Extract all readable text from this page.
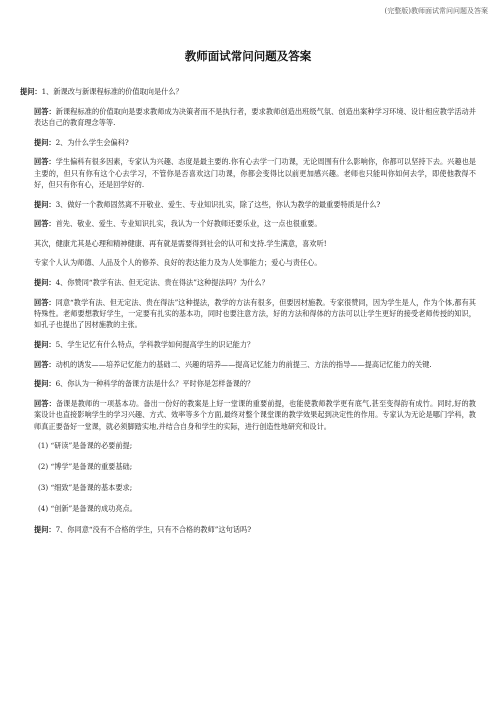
(完整版)教师面试常问问题及答案
教师面试常问问题及答案

提问：1、新课改与新课程标准的价值取向是什么？

回答：新课程标准的价值取向是要求教师成为决策者而不是执行者，要求教师创造出班级气氛、创造出案种学习环境、设计相应教学活动并表达自己的教育理念等等.

提问：2、为什么学生会偏科?

回答：学生偏科有很多因素，专家认为兴趣、态度是最主要的.你有心去学一门功课，无论周围有什么影响你，你都可以坚持下去。兴趣也是主要的，但只有你有这个心去学习，不管你是否喜欢这门功课，你都会变得比以前更加感兴趣。老师也只能叫你如何去学，即使他教得不好，但只有你有心，还是回学好的.

提问：3、做好一个教师固然离不开敬业、爱生、专业知识扎实，除了这些，你认为教学的最重要特质是什么?

回答：首先、敬业、爱生、专业知识扎实，我认为一个好教师还要乐业，这一点也很重要。

其次，健康尤其是心理和精神健康、再有就是需要得到社会的认可和支持.学生满意，喜欢听!

专家个人认为师德、人品及个人的修养、良好的表达能力及为人处事能力；爱心与责任心。

提问：4、你赞同“教学有法、但无定法、贵在得法”这种提法吗？为什么？

回答：同意“教学有法、但无定法、贵在得法”这种提法，教学的方法有很多，但要因材施教。专家很赞同，因为学生是人，作为个体,都有其特殊性。老师要想教好学生，一定要有扎实的基本功，同时也要注意方法，好的方法和得体的方法可以让学生更好的接受老师传授的知识，如孔子也提出了因材施教的主张。

提问：5、学生记忆有什么特点，学科教学如何提高学生的识记能力？

回答：动机的诱发——培养记忆能力的基础二、兴趣的培养——提高记忆能力的前提三、方法的指导——提高记忆能力的关键.

提问：6、你认为一种科学的备课方法是什么？平时你是怎样备课的？

回答：备课是教师的一项基本功。备出一份好的教案是上好一堂课的重要前提，也能使教师教学更有底气,甚至变得韵有成竹。同时,好的教案设计也直接影响学生的学习兴趣、方式、效率等多个方面,最终对整个课堂课的教学效果起到决定性的作用。专家认为无论是哪门学科，教师真正要备好一堂课，就必须脚踏实地,并结合自身和学生的实际，进行创造性地研究和设计。

(1) “研读”是备课的必要前提;
(2) “博学”是备课的重要基础;
(3) “细致”是备课的基本要求;
(4) “创新”是备课的成功亮点。

提问：7、你同意“没有不合格的学生，只有不合格的教师”这句话吗?
